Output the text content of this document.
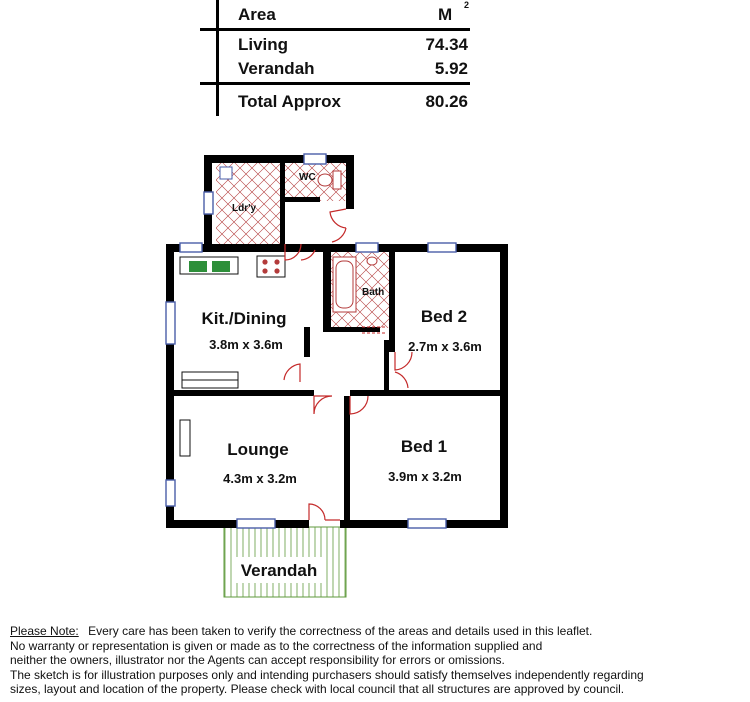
Area	M 2
Living	74.34
Verandah	5.92
Total Approx	80.26
WC
Ldr'y
Bath
Kit./Dining
3.8m x 3.6m
Bed 2
2.7m x 3.6m
Lounge
4.3m x 3.2m
Bed 1
3.9m x 3.2m
Verandah
Please Note: Every care has been taken to verify the correctness of the areas and details used in this leaflet.
No warranty or representation is given or made as to the correctness of the information supplied and
neither the owners, illustrator nor the Agents can accept responsibility for errors or omissions.
The sketch is for illustration purposes only and intending purchasers should satisfy themselves independently regarding
sizes, layout and location of the property. Please check with local council that all structures are approved by council.
